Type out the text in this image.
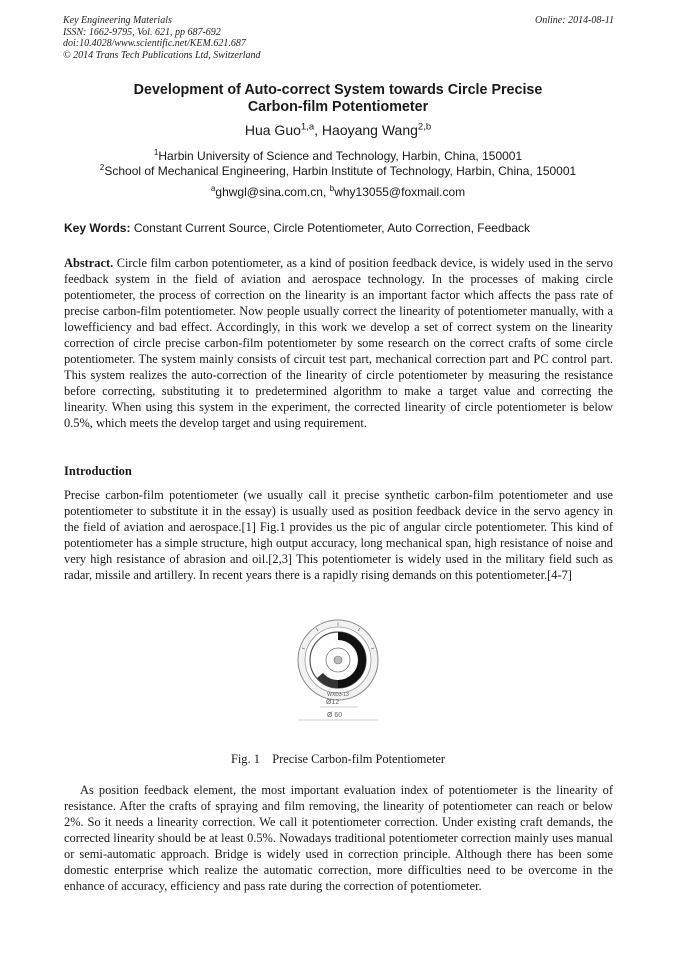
Key Engineering Materials
ISSN: 1662-9795, Vol. 621, pp 687-692
doi:10.4028/www.scientific.net/KEM.621.687
© 2014 Trans Tech Publications Ltd, Switzerland
Online: 2014-08-11
Development of Auto-correct System towards Circle Precise
Carbon-film Potentiometer
Hua Guo$^{1,a}$, Haoyang Wang$^{2,b}$
$^1$Harbin University of Science and Technology, Harbin, China, 150001
$^2$School of Mechanical Engineering, Harbin Institute of Technology, Harbin, China, 150001
$^a$ghwgl@sina.com.cn, $^b$why13055@foxmail.com
Key Words: Constant Current Source, Circle Potentiometer, Auto Correction, Feedback
Abstract. Circle film carbon potentiometer, as a kind of position feedback device, is widely used in the servo feedback system in the field of aviation and aerospace technology. In the processes of making circle potentiometer, the process of correction on the linearity is an important factor which affects the pass rate of precise carbon-film potentiometer. Now people usually correct the linearity of potentiometer manually, with a lowefficiency and bad effect. Accordingly, in this work we develop a set of correct system on the linearity correction of circle precise carbon-film potentiometer by some research on the correct crafts of some circle potentiometer. The system mainly consists of circuit test part, mechanical correction part and PC control part. This system realizes the auto-correction of the linearity of circle potentiometer by measuring the resistance before correcting, substituting it to predetermined algorithm to make a target value and correcting the linearity. When using this system in the experiment, the corrected linearity of circle potentiometer is below 0.5%, which meets the develop target and using requirement.
Introduction
Precise carbon-film potentiometer (we usually call it precise synthetic carbon-film potentiometer and use potentiometer to substitute it in the essay) is usually used as position feedback device in the servo agency in the field of aviation and aerospace.[1] Fig.1 provides us the pic of angular circle potentiometer. This kind of potentiometer has a simple structure, high output accuracy, long mechanical span, high resistance of noise and very high resistance of abrasion and oil.[2,3] This potentiometer is widely used in the military field such as radar, missile and artillery. In recent years there is a rapidly rising demands on this potentiometer.[4-7]
WXD3-13
Ø12
Ø 60
Fig. 1    Precise Carbon-film Potentiometer
As position feedback element, the most important evaluation index of potentiometer is the linearity of resistance. After the crafts of spraying and film removing, the linearity of potentiometer can reach or below 2%. So it needs a linearity correction. We call it potentiometer correction. Under existing craft demands, the corrected linearity should be at least 0.5%. Nowadays traditional potentiometer correction mainly uses manual or semi-automatic approach. Bridge is widely used in correction principle. Although there has been some domestic enterprise which realize the automatic correction, more difficulties need to be overcome in the enhance of accuracy, efficiency and pass rate during the correction of potentiometer.
